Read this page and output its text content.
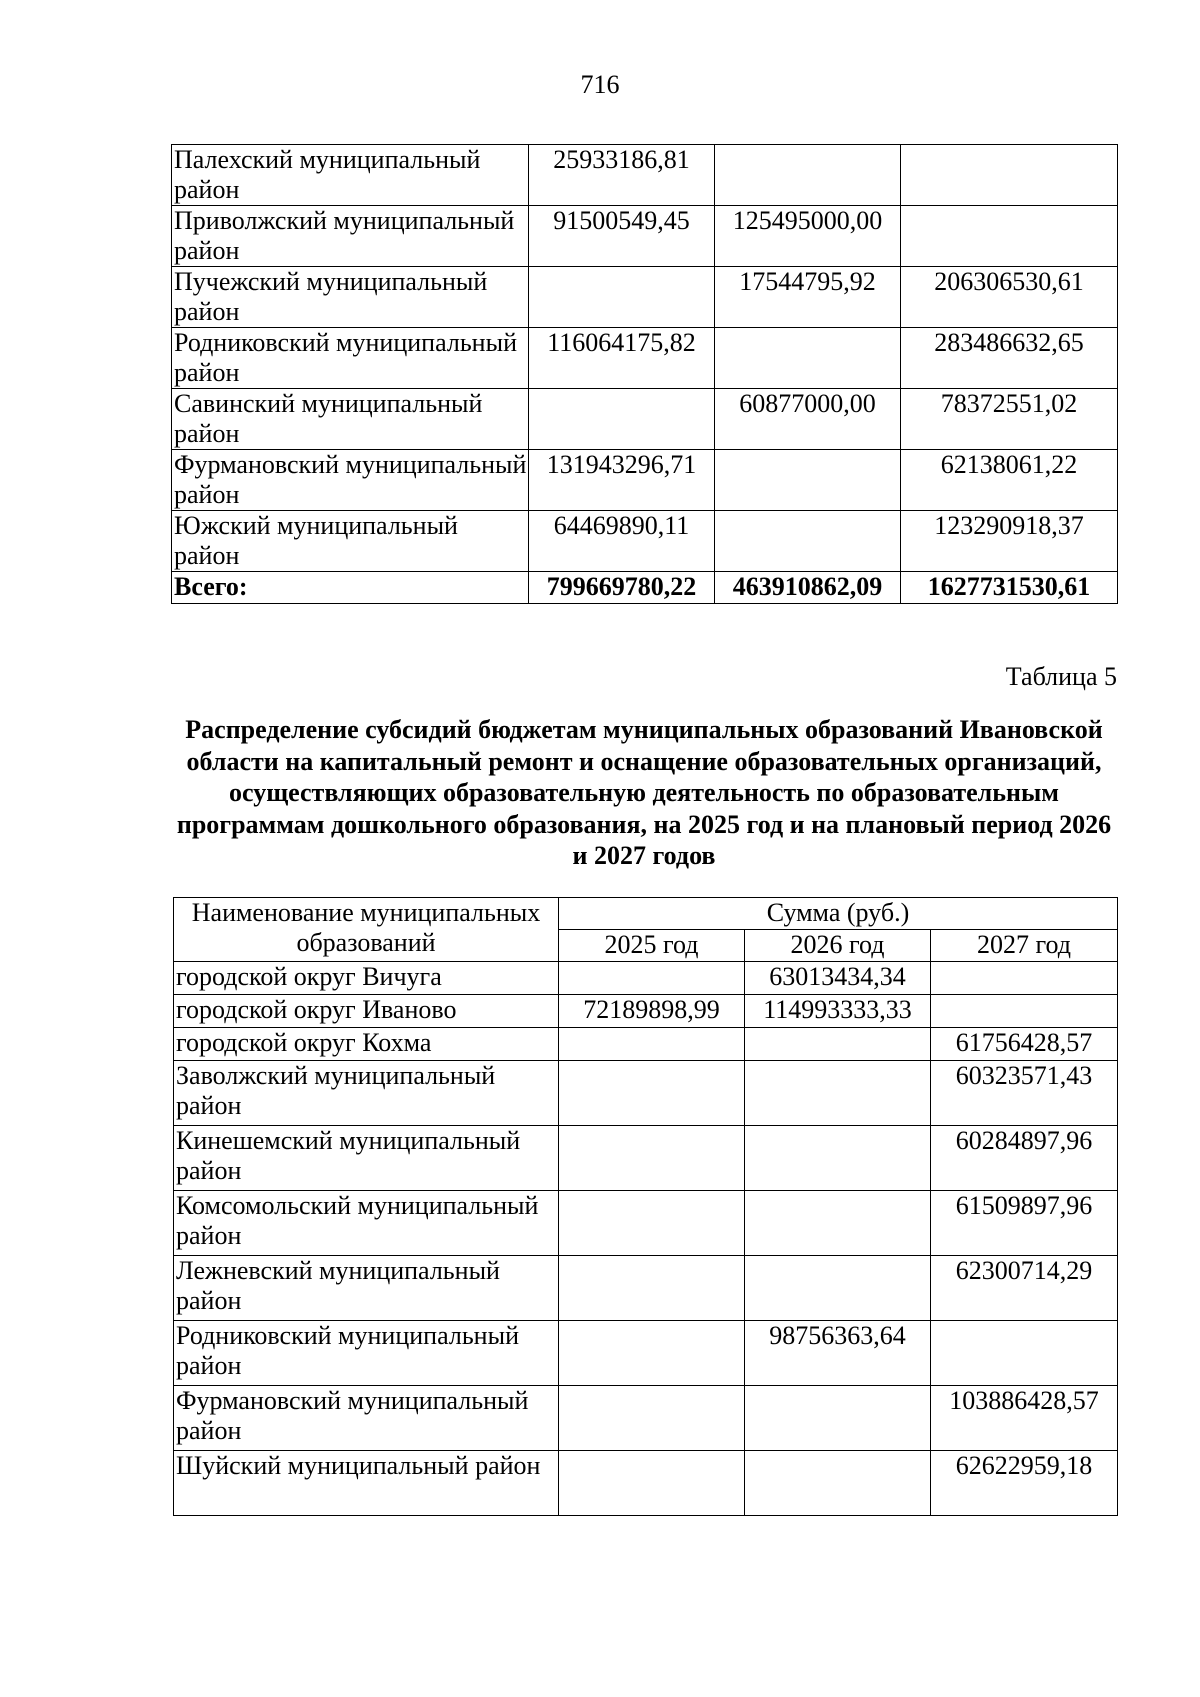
716
Палехский муниципальный район	25933186,81		
Приволжский муниципальный район	91500549,45	125495000,00	
Пучежский муниципальный район		17544795,92	206306530,61
Родниковский муниципальный район	116064175,82		283486632,65
Савинский муниципальный район		60877000,00	78372551,02
Фурмановский муниципальный район	131943296,71		62138061,22
Южский муниципальный район	64469890,11		123290918,37
Всего:	799669780,22	463910862,09	1627731530,61
Таблица 5
Распределение субсидий бюджетам муниципальных образований Ивановской области на капитальный ремонт и оснащение образовательных организаций, осуществляющих образовательную деятельность по образовательным программам дошкольного образования, на 2025 год и на плановый период 2026 и 2027 годов
Наименование муниципальных образований	Сумма (руб.)		
	2025 год	2026 год	2027 год
городской округ Вичуга		63013434,34	
городской округ Иваново	72189898,99	114993333,33	
городской округ Кохма			61756428,57
Заволжский муниципальный район			60323571,43
Кинешемский муниципальный район			60284897,96
Комсомольский муниципальный район			61509897,96
Лежневский муниципальный район			62300714,29
Родниковский муниципальный район		98756363,64	
Фурмановский муниципальный район			103886428,57
Шуйский муниципальный район			62622959,18
